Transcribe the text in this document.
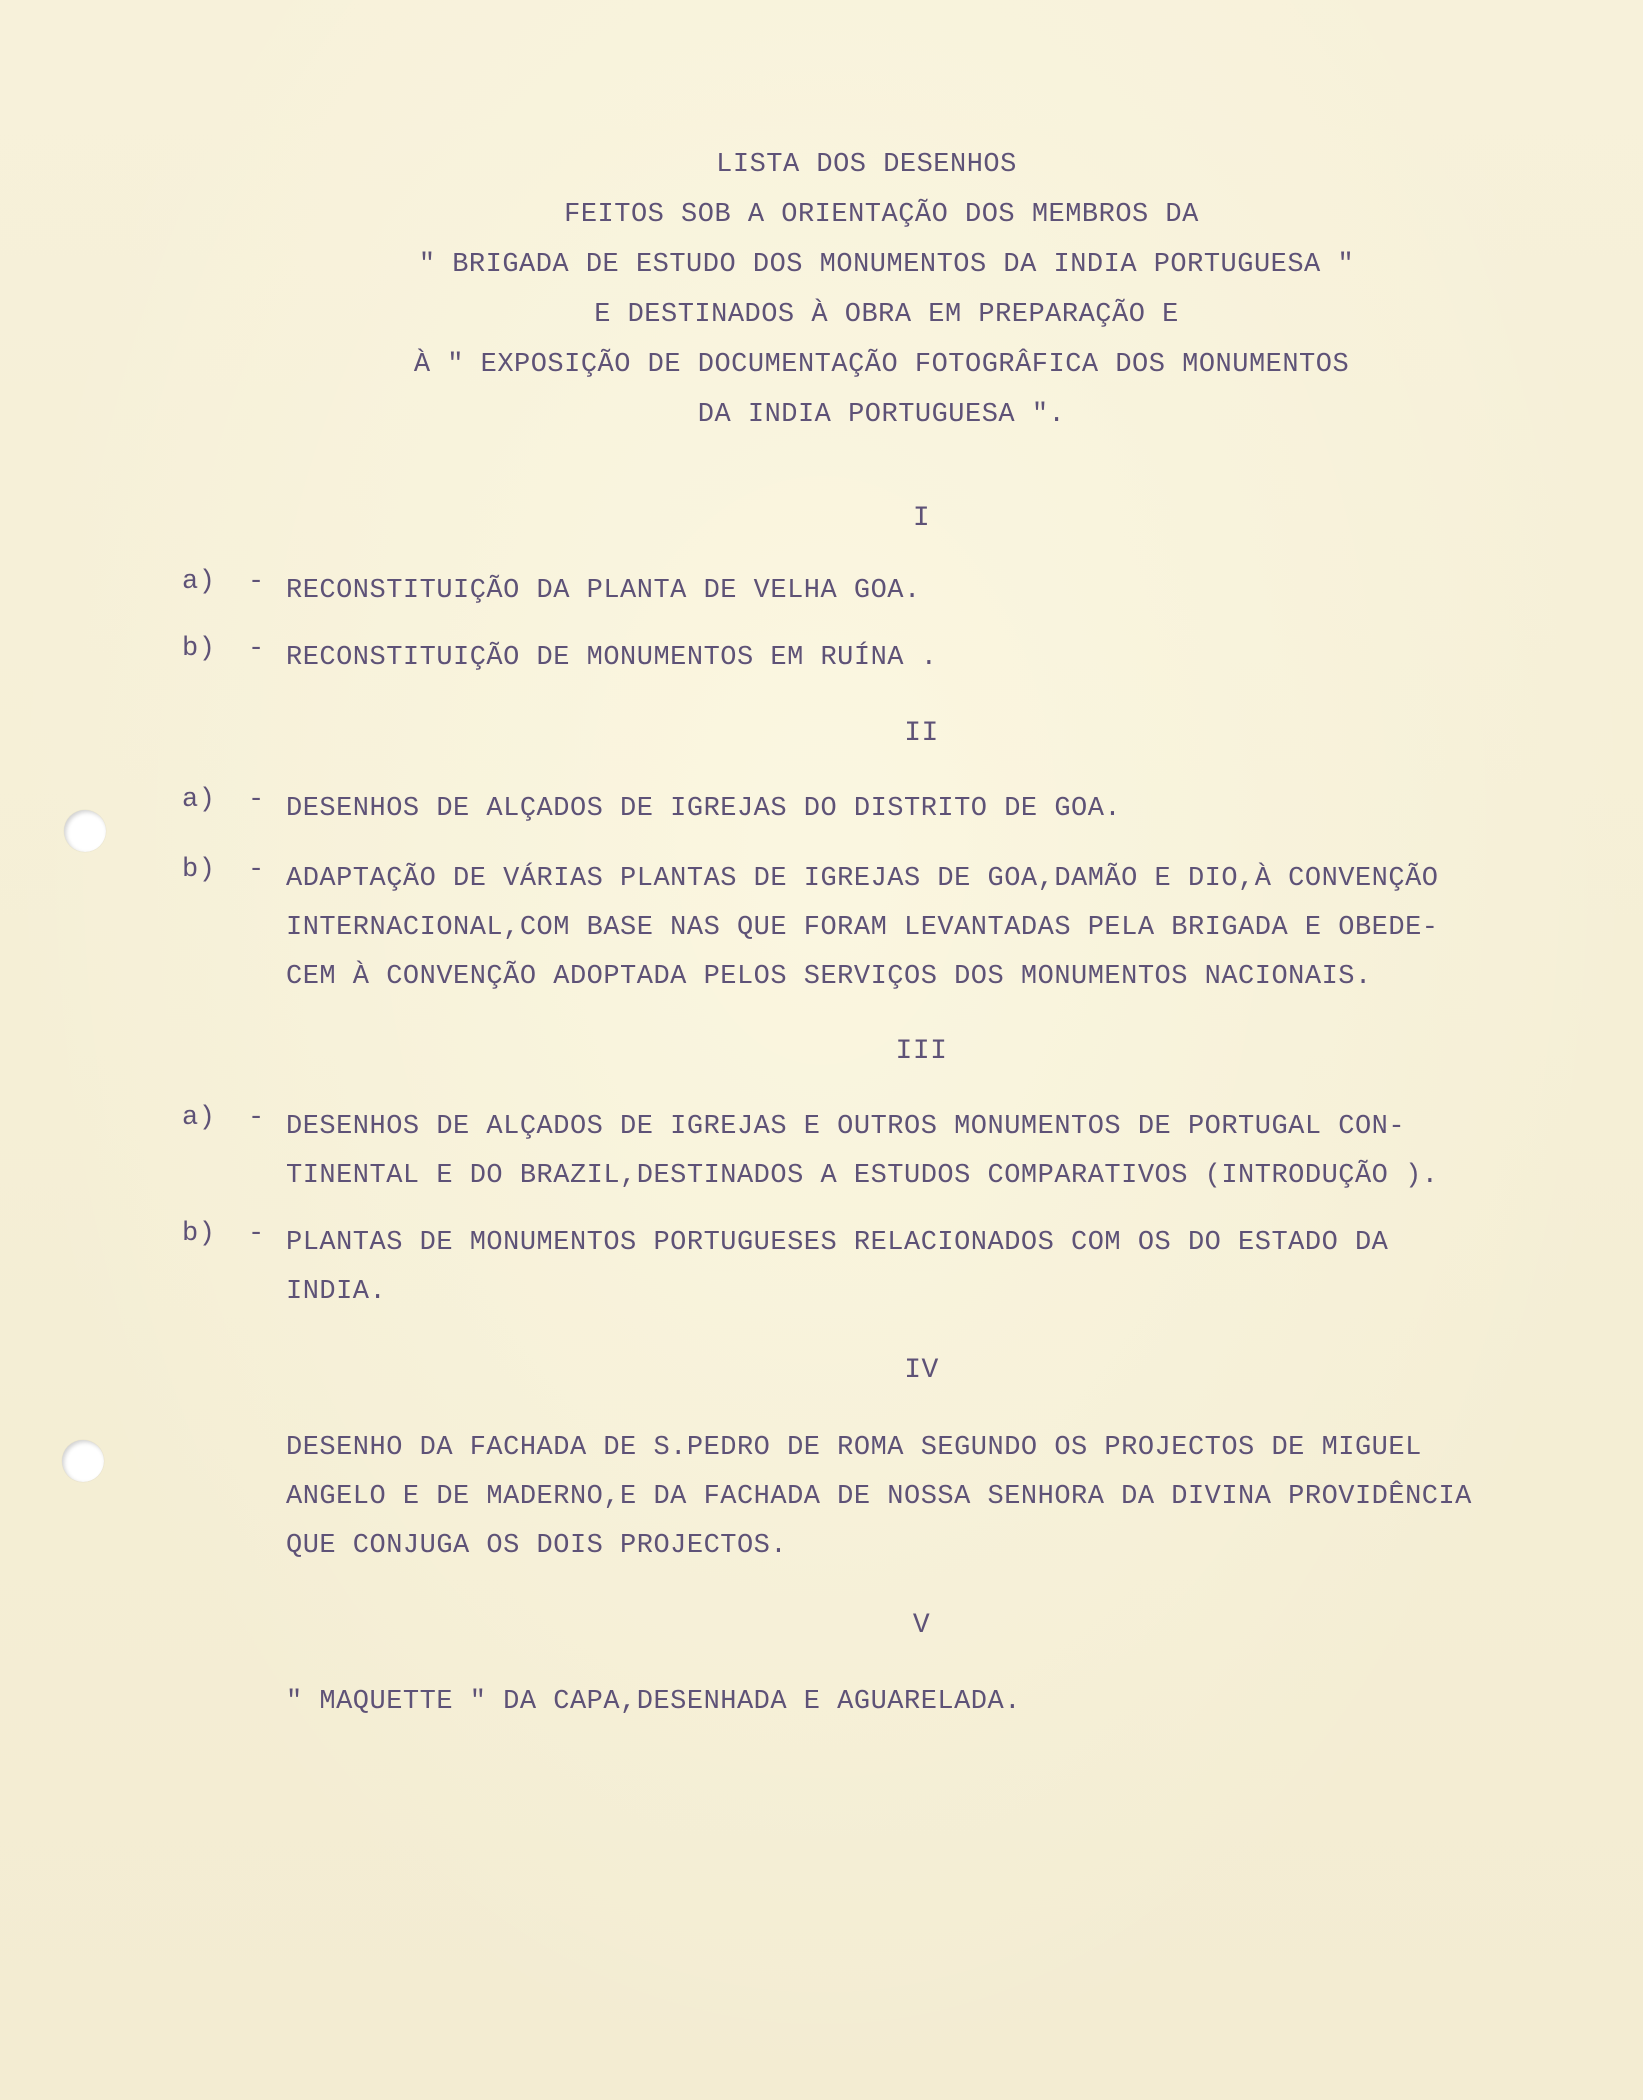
LISTA DOS DESENHOS
FEITOS SOB A ORIENTAÇÃO DOS MEMBROS DA
" BRIGADA DE ESTUDO DOS MONUMENTOS DA INDIA PORTUGUESA "
E DESTINADOS À OBRA EM PREPARAÇÃO E
À " EXPOSIÇÃO DE DOCUMENTAÇÃO FOTOGRÂFICA DOS MONUMENTOS
DA INDIA PORTUGUESA ".
I
a)	- RECONSTITUIÇÃO DA PLANTA DE VELHA GOA.
b)	- RECONSTITUIÇÃO DE MONUMENTOS EM RUÍNA .
II
a)	- DESENHOS DE ALÇADOS DE IGREJAS DO DISTRITO DE GOA.
b)	- ADAPTAÇÃO DE VÁRIAS PLANTAS DE IGREJAS DE GOA,DAMÃO E DIO,À CONVENÇÃO
INTERNACIONAL,COM BASE NAS QUE FORAM LEVANTADAS PELA BRIGADA E OBEDE-
CEM À CONVENÇÃO ADOPTADA PELOS SERVIÇOS DOS MONUMENTOS NACIONAIS.
III
a)	- DESENHOS DE ALÇADOS DE IGREJAS E OUTROS MONUMENTOS DE PORTUGAL CON-
TINENTAL E DO BRAZIL,DESTINADOS A ESTUDOS COMPARATIVOS (INTRODUÇÃO ).
b)	- PLANTAS DE MONUMENTOS PORTUGUESES RELACIONADOS COM OS DO ESTADO DA
INDIA.
IV
DESENHO DA FACHADA DE S.PEDRO DE ROMA SEGUNDO OS PROJECTOS DE MIGUEL
ANGELO E DE MADERNO,E DA FACHADA DE NOSSA SENHORA DA DIVINA PROVIDÊNCIA
QUE CONJUGA OS DOIS PROJECTOS.
V
" MAQUETTE " DA CAPA,DESENHADA E AGUARELADA.
